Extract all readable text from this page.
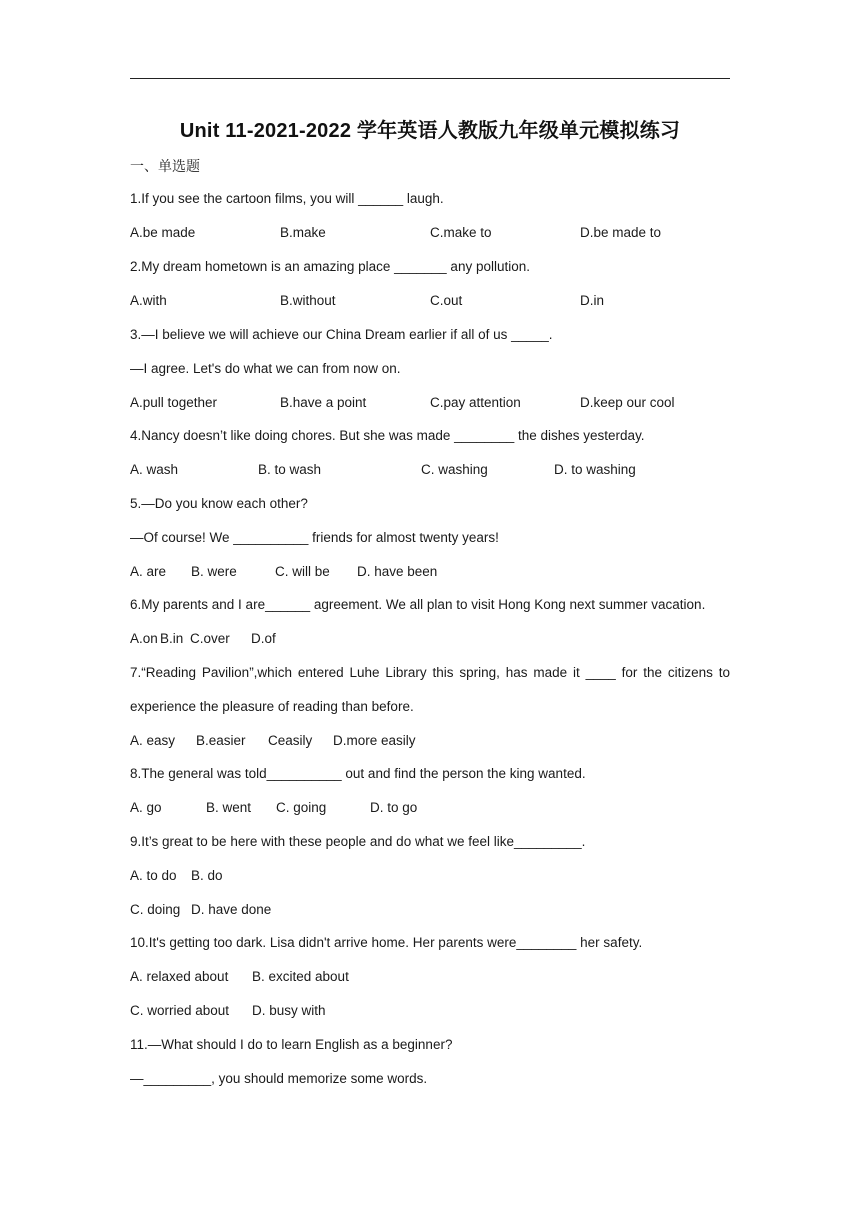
Unit 11-2021-2022 学年英语人教版九年级单元模拟练习
一、单选题
1.If you see the cartoon films, you will ______ laugh.
A.be made	B.make	C.make to	D.be made to
2.My dream hometown is an amazing place _______ any pollution.
A.with	B.without	C.out	D.in
3.—I believe we will achieve our China Dream earlier if all of us _____.
—I agree. Let's do what we can from now on.
A.pull together	B.have a point	C.pay attention	D.keep our cool
4.Nancy doesn’t like doing chores. But she was made ________ the dishes yesterday.
A. wash	B. to wash	C. washing	D. to washing
5.—Do you know each other?
—Of course! We __________ friends for almost twenty years!
A. are B. were	C. will be D. have been
6.My parents and I are______ agreement. We all plan to visit Hong Kong next summer vacation.
A.on B.in C.over D.of
7.“Reading Pavilion”,which entered Luhe Library this spring, has made it ____ for the citizens to
experience the pleasure of reading than before.
A. easy B.easier Ceasily D.more easily
8.The general was told__________ out and find the person the king wanted.
A. go	B. went C. going	D. to go
9.It’s great to be here with these people and do what we feel like_________.
A. to do B. do
C. doing D. have done
10.It's getting too dark. Lisa didn't arrive home. Her parents were________ her safety.
A. relaxed about B. excited about
C. worried about D. busy with
11.—What should I do to learn English as a beginner?
—_________, you should memorize some words.
